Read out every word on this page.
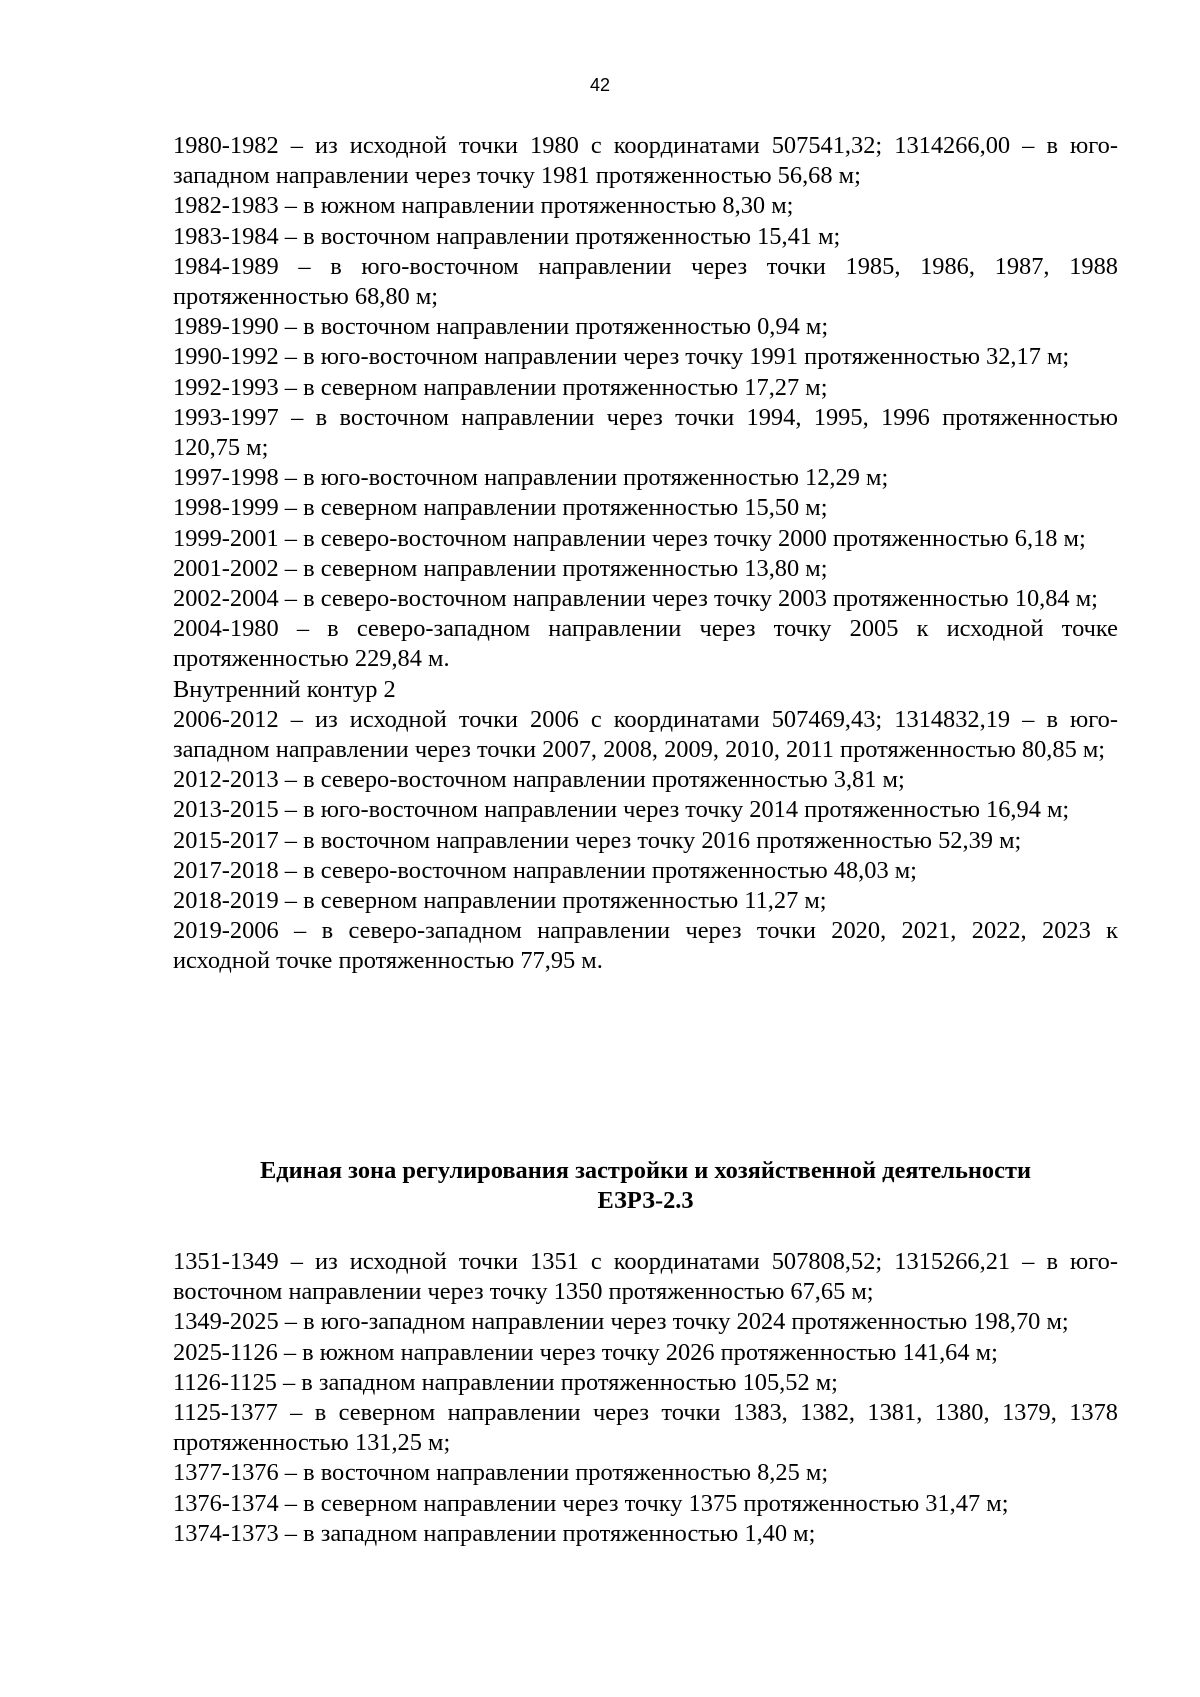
42

1980-1982 – из исходной точки 1980 с координатами 507541,32; 1314266,00 – в юго-западном направлении через точку 1981 протяженностью 56,68 м;

1982-1983 – в южном направлении протяженностью 8,30 м;

1983-1984 – в восточном направлении протяженностью 15,41 м;

1984-1989 – в юго-восточном направлении через точки 1985, 1986, 1987, 1988 протяженностью 68,80 м;

1989-1990 – в восточном направлении протяженностью 0,94 м;

1990-1992 – в юго-восточном направлении через точку 1991 протяженностью 32,17 м;

1992-1993 – в северном направлении протяженностью 17,27 м;

1993-1997 – в восточном направлении через точки 1994, 1995, 1996 протяженностью 120,75 м;

1997-1998 – в юго-восточном направлении протяженностью 12,29 м;

1998-1999 – в северном направлении протяженностью 15,50 м;

1999-2001 – в северо-восточном направлении через точку 2000 протяженностью 6,18 м;

2001-2002 – в северном направлении протяженностью 13,80 м;

2002-2004 – в северо-восточном направлении через точку 2003 протяженностью 10,84 м;

2004-1980 – в северо-западном направлении через точку 2005 к исходной точке протяженностью 229,84 м.

Внутренний контур 2

2006-2012 – из исходной точки 2006 с координатами 507469,43; 1314832,19 – в юго-западном направлении через точки 2007, 2008, 2009, 2010, 2011 протяженностью 80,85 м;

2012-2013 – в северо-восточном направлении протяженностью 3,81 м;

2013-2015 – в юго-восточном направлении через точку 2014 протяженностью 16,94 м;

2015-2017 – в восточном направлении через точку 2016 протяженностью 52,39 м;

2017-2018 – в северо-восточном направлении протяженностью 48,03 м;

2018-2019 – в северном направлении протяженностью 11,27 м;

2019-2006 – в северо-западном направлении через точки 2020, 2021, 2022, 2023 к исходной точке протяженностью 77,95 м.

Единая зона регулирования застройки и хозяйственной деятельности
ЕЗРЗ-2.3

1351-1349 – из исходной точки 1351 с координатами 507808,52; 1315266,21 – в юго-восточном направлении через точку 1350 протяженностью 67,65 м;

1349-2025 – в юго-западном направлении через точку 2024 протяженностью 198,70 м;

2025-1126 – в южном направлении через точку 2026 протяженностью 141,64 м;

1126-1125 – в западном направлении протяженностью 105,52 м;

1125-1377 – в северном направлении через точки 1383, 1382, 1381, 1380, 1379, 1378 протяженностью 131,25 м;

1377-1376 – в восточном направлении протяженностью 8,25 м;

1376-1374 – в северном направлении через точку 1375 протяженностью 31,47 м;

1374-1373 – в западном направлении протяженностью 1,40 м;
